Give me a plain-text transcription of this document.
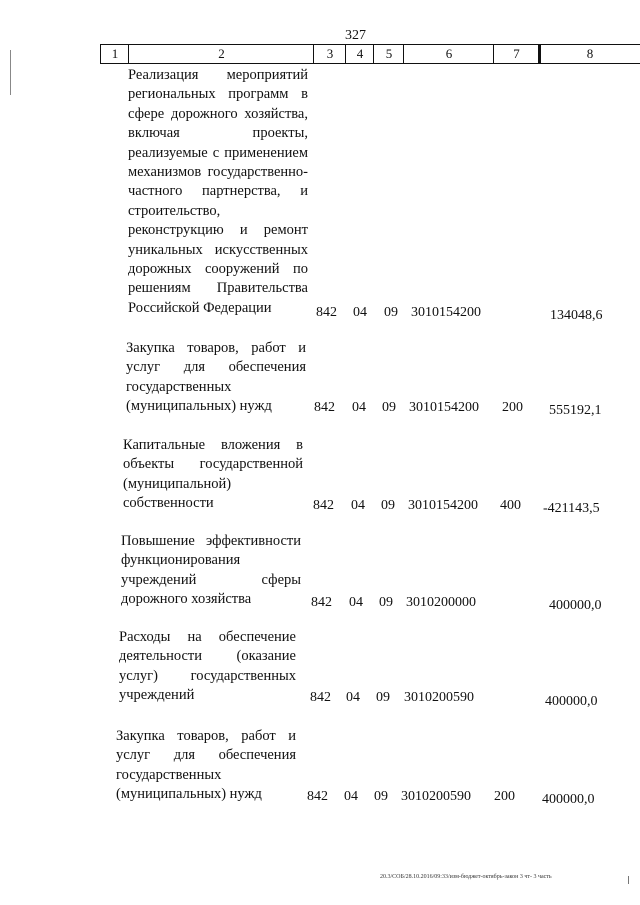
327
1	2	3	4	5	6	7	8
Реализация мероприятий региональных программ в сфере дорожного хозяйства, включая проекты, реализуемые с применением механизмов государственно-частного партнерства, и строительство, реконструкцию и ремонт уникальных искусственных дорожных сооружений по решениям Правительства Российской Федерации	842 04 09 3010154200	134048,6
Закупка товаров, работ и услуг для обеспечения государственных (муниципальных) нужд	842 04 09 3010154200 200 555192,1
Капитальные вложения в объекты государственной (муниципальной) собственности	842 04 09 3010154200 400 -421143,5
Повышение эффективности функционирования учреждений сферы дорожного хозяйства	842 04 09 3010200000	400000,0
Расходы на обеспечение деятельности (оказание услуг) государственных учреждений	842 04 09 3010200590	400000,0
Закупка товаров, работ и услуг для обеспечения государственных (муниципальных) нужд	842 04 09 3010200590 200 400000,0
20.3/СОБ/28.10.2016/09:33/изм-бюджет-октябрь-закон 3 чт- 3 часть
